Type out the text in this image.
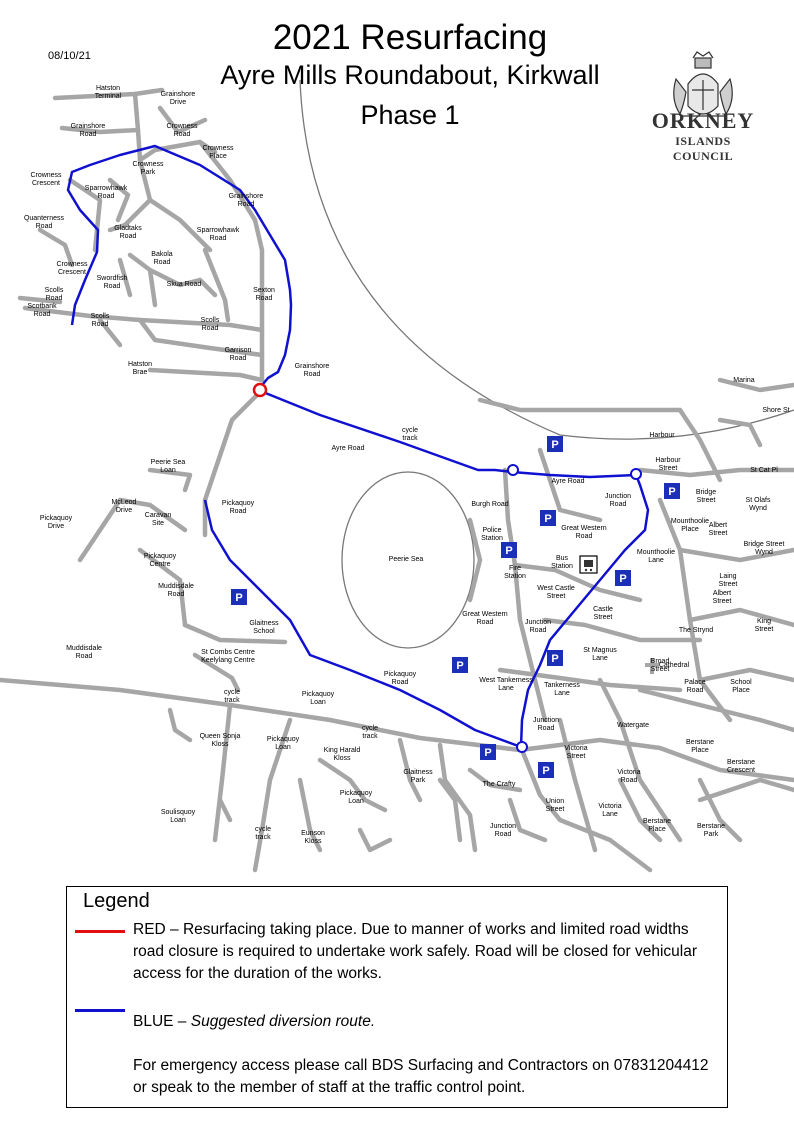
08/10/21	2021 Resurfacing
Ayre Mills Roundabout, Kirkwall
Phase 1	ORKNEY
ISLANDS COUNCIL
P
P
P
P
P
P
P
P
P
P
Hatston Terminal	Grainshore Drive
Grainshore Road
Crowness Road
Crowness Place
Crowness Park
Crowness Crescent
Sparrowhawk Road	Grainshore Road
Quanterness Road	Gladtaks Road
Sparrowhawk Road
Bakola Road
Crowness Crescent
Swordfish Road	Skua Road
Sexton Road
Scolls Road
Scolls Road
Scolls Road
Scotbank Road
Garrison Road
Hatston Brae
Grainshore Road
Marina
Shore St
Harbour
cycle track
Ayre Road
Harbour Street	St Cat Pl
Peerie Sea Loan
McLeod Drive
Pickaquoy Road
Caravan Site
Pickaquoy Drive
Burgh Road
Ayre Road
Junction Road
Bridge Street	St Olafs Wynd
Great Western Road
Police Station
Mounthoolie Place
Albert Street
Bridge Street Wynd
Pickaquoy Centre
Peerie Sea
Fire Station
Bus Station
Mounthoolie Lane
Laing Street
Muddisdale Road
West Castle Street
Castle Street
Albert Street
Great Western Road
Glaitness School
Junction Road	The Strynd
King Street
Muddisdale Road
St Combs Centre Keelylang Centre
St Magnus Lane	Broad Street
Cathedral
West Tankerness Lane	Tankerness Lane
Palace Road
School Place
cycle track
Pickaquoy Road
Pickaquoy Loan
Junction Road	Watergate
cycle track
Queen Sonja Kloss
Pickaquoy Loan	King Harald Kloss
Victoria Street
Berstane Place
Glaitness Park
The Crafty
Victoria Road
Berstane Crescent
Pickaquoy Loan	Union Street
Soulisquoy Loan
Victoria Lane
Berstane Place	Berstane Park
cycle track
Eunson Kloss
Junction Road
Legend
RED – Resurfacing taking place. Due to manner of works and limited road widths road closure is required to undertake work safely. Road will be closed for vehicular access for the duration of the works.
BLUE – Suggested diversion route.
For emergency access please call BDS Surfacing and Contractors on 07831204412 or speak to the member of staff at the traffic control point.
